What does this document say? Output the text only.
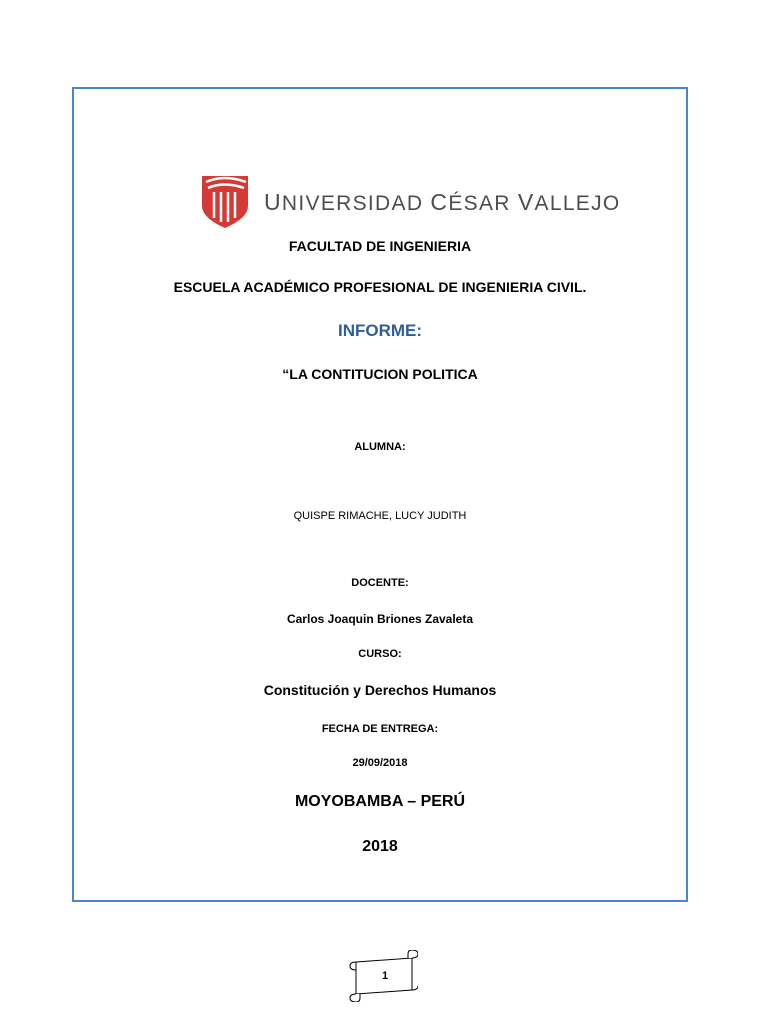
UNIVERSIDAD CÉSAR VALLEJO
FACULTAD DE INGENIERIA
ESCUELA ACADÉMICO PROFESIONAL DE INGENIERIA CIVIL.
INFORME:
“LA CONTITUCION POLITICA
ALUMNA:
QUISPE RIMACHE, LUCY JUDITH
DOCENTE:
Carlos Joaquin Briones Zavaleta
CURSO:
Constitución y Derechos Humanos
FECHA DE ENTREGA:
29/09/2018
MOYOBAMBA – PERÚ
2018
1
